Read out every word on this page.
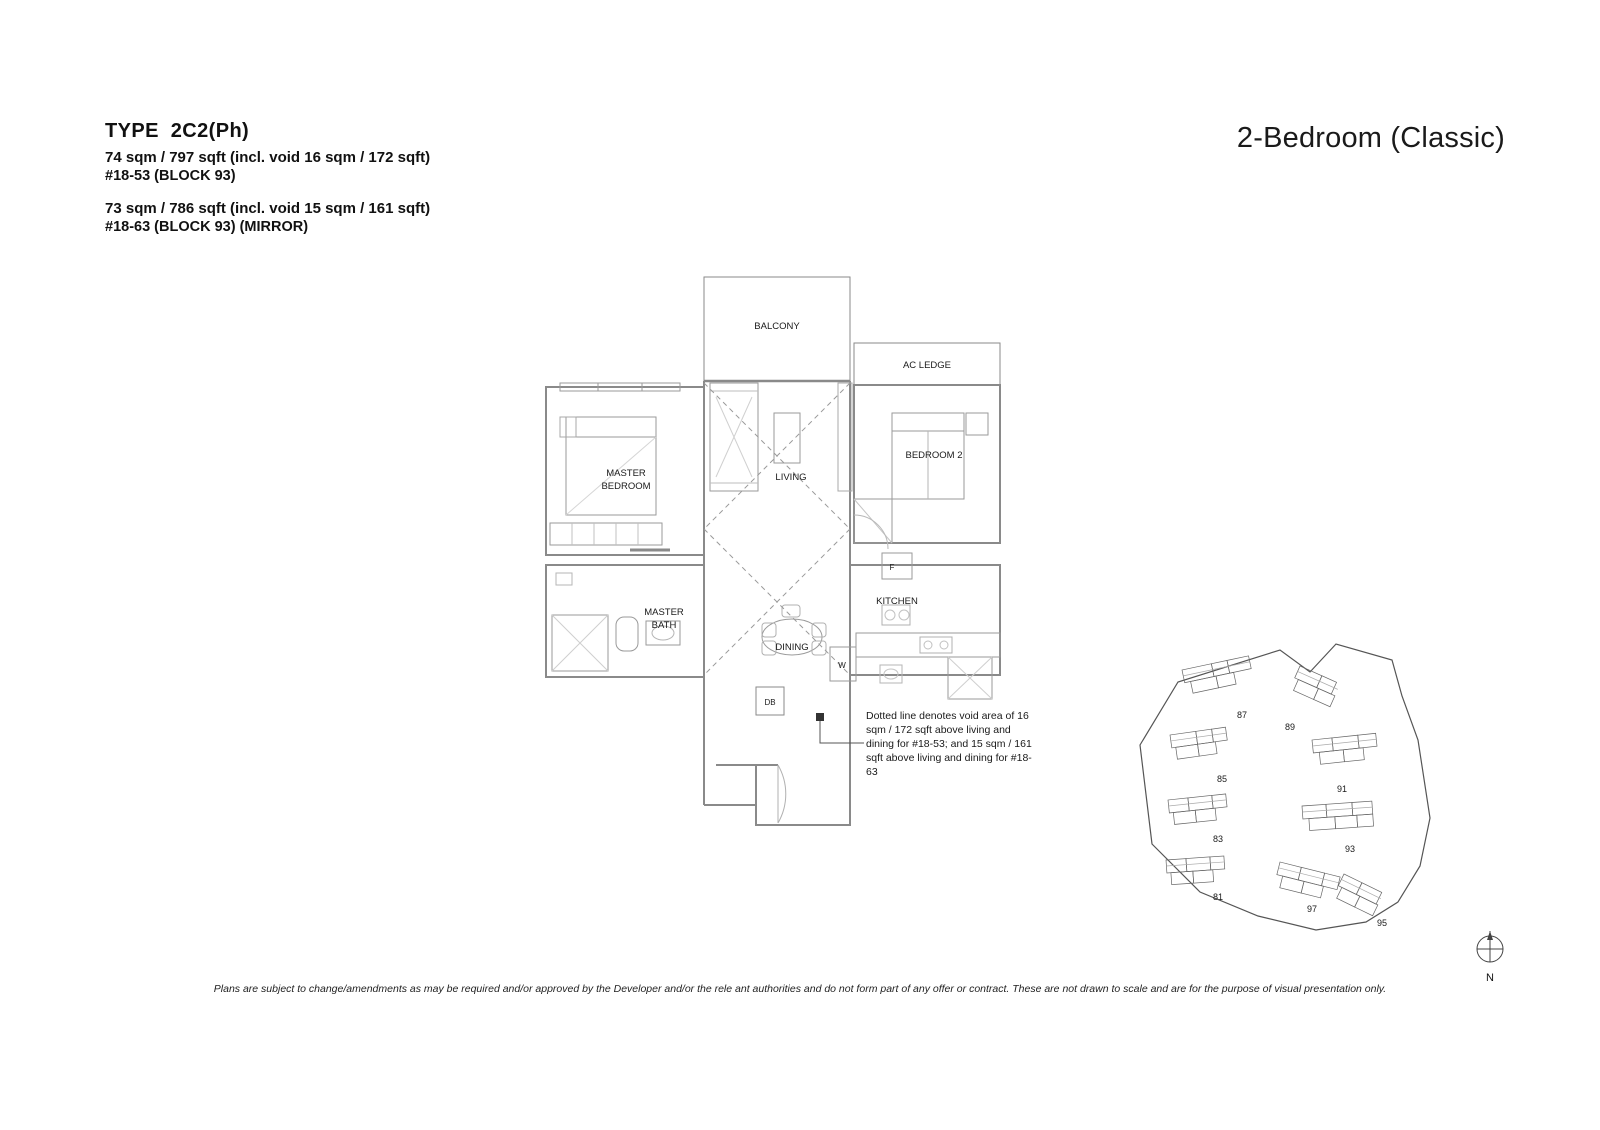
TYPE  2C2(Ph)
74 sqm / 797 sqft (incl. void 16 sqm / 172 sqft)
#18-53 (BLOCK 93)
73 sqm / 786 sqft (incl. void 15 sqm / 161 sqft)
#18-63 (BLOCK 93) (MIRROR)
2-Bedroom (Classic)
BALCONY
AC LEDGE
BEDROOM 2
LIVING
MASTER
BEDROOM
MASTER
BATH
KITCHEN
DINING
F
W
DB
Dotted line denotes void area of 16 sqm / 172 sqft above living and dining for #18-53; and 15 sqm / 161 sqft above living and dining for #18-63
87
89
85
91
83
93
81
97
95
N
Plans are subject to change/amendments as may be required and/or approved by the Developer and/or the rele ant authorities and do not form part of any offer or contract. These are not drawn to scale and are for the purpose of visual presentation only.
